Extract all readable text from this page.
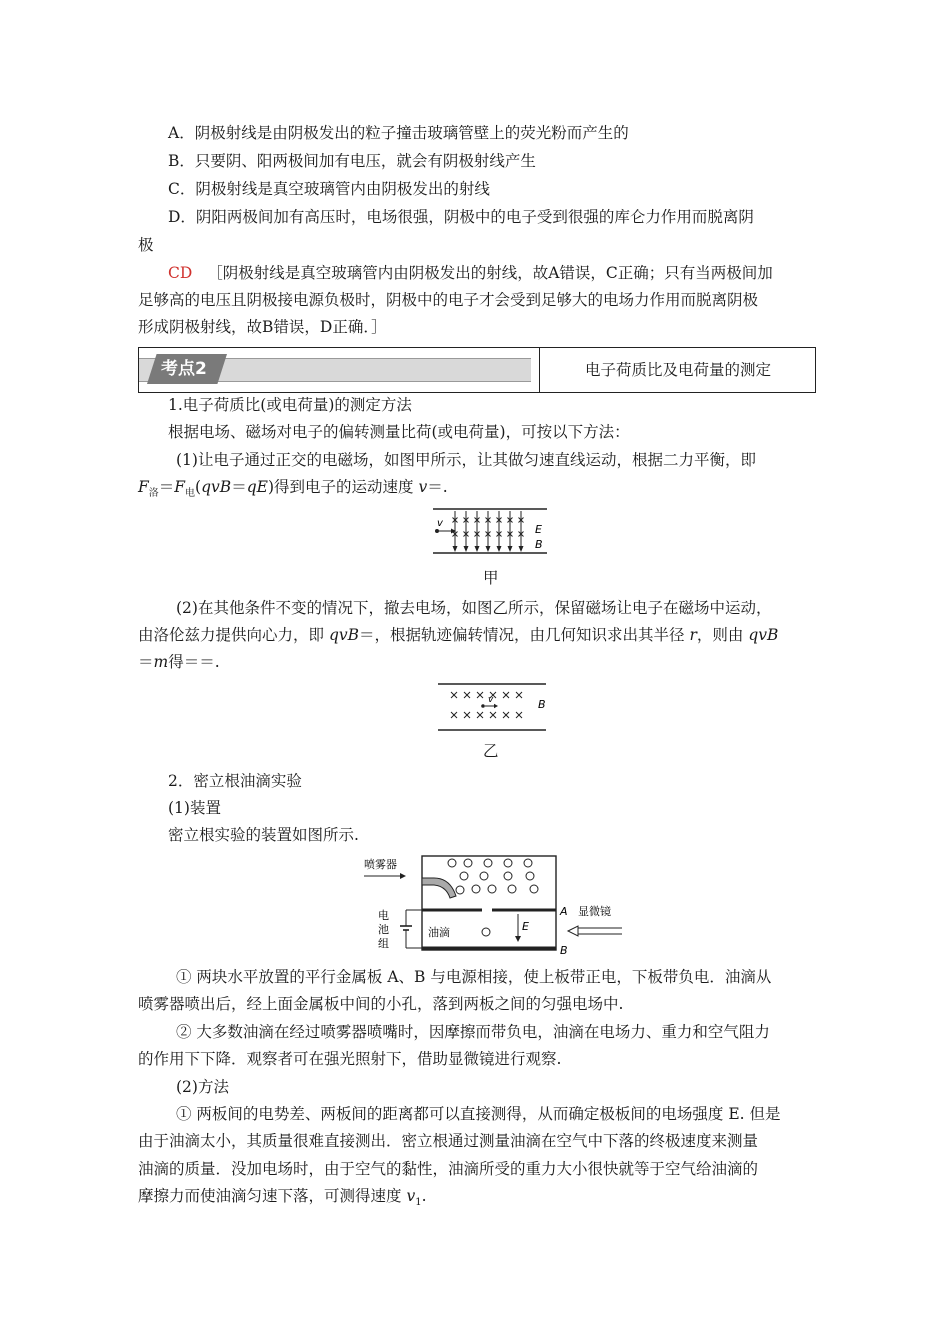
A．阴极射线是由阴极发出的粒子撞击玻璃管壁上的荧光粉而产生的
B．只要阴、阳两极间加有电压，就会有阴极射线产生
C．阴极射线是真空玻璃管内由阴极发出的射线
D．阴阳两极间加有高压时，电场很强，阴极中的电子受到很强的库仑力作用而脱离阴
极
CD ［阴极射线是真空玻璃管内由阴极发出的射线，故A错误，C正确；只有当两极间加
足够高的电压且阴极接电源负极时，阴极中的电子才会受到足够大的电场力作用而脱离阴极
形成阴极射线，故B错误，D正确．］
考点2	电子荷质比及电荷量的测定
1.电子荷质比(或电荷量)的测定方法
根据电场、磁场对电子的偏转测量比荷(或电荷量)，可按以下方法：
(1)让电子通过正交的电磁场，如图甲所示，让其做匀速直线运动，根据二力平衡，即
$F_洛=F_电(qvB=qE)$得到电子的运动速度 v＝.
v	E
B
甲
(2)在其他条件不变的情况下，撤去电场，如图乙所示，保留磁场让电子在磁场中运动，
由洛伦兹力提供向心力，即 qvB＝，根据轨迹偏转情况，由几何知识求出其半径 r，则由 qvB
＝m得＝＝.
v	B
乙
2．密立根油滴实验
(1)装置
密立根实验的装置如图所示.
喷雾器
A
B
E
油滴
电
池
组
显微镜
① 两块水平放置的平行金属板 A、B 与电源相接，使上板带正电，下板带负电．油滴从
喷雾器喷出后，经上面金属板中间的小孔，落到两板之间的匀强电场中.
② 大多数油滴在经过喷雾器喷嘴时，因摩擦而带负电，油滴在电场力、重力和空气阻力
的作用下下降．观察者可在强光照射下，借助显微镜进行观察.
(2)方法
① 两板间的电势差、两板间的距离都可以直接测得，从而确定极板间的电场强度 E. 但是
由于油滴太小，其质量很难直接测出．密立根通过测量油滴在空气中下落的终极速度来测量
油滴的质量．没加电场时，由于空气的黏性，油滴所受的重力大小很快就等于空气给油滴的
摩擦力而使油滴匀速下落，可测得速度 $v_1$.
